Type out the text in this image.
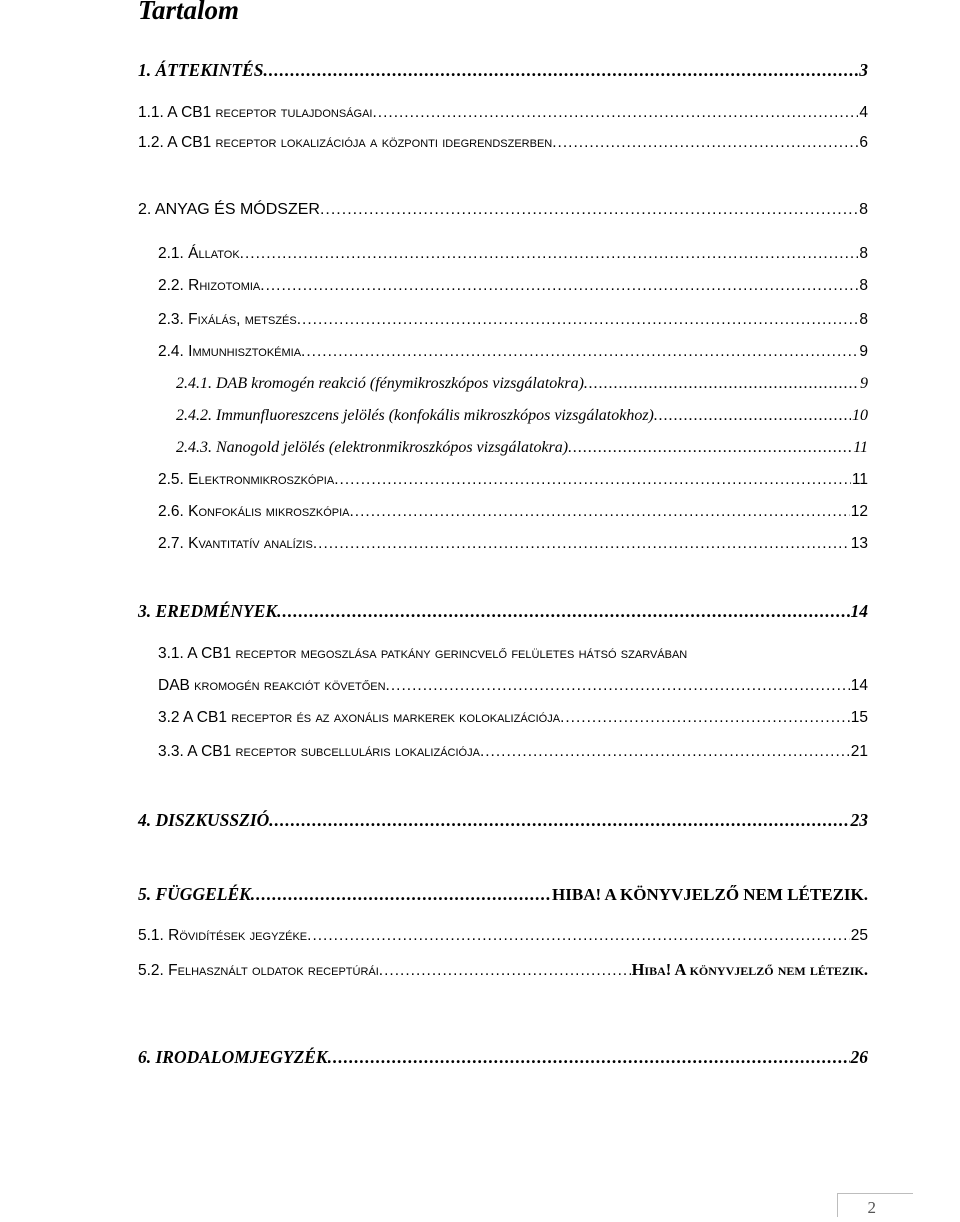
Tartalom
1. ÁTTEKINTÉS .....	3
1.1. A CB1 receptor tulajdonságai .....	4
1.2. A CB1 receptor lokalizációja a központi idegrendszerben .....	6
2. ANYAG ÉS MÓDSZER .....	8
2.1. Állatok .....	8
2.2. Rhizotomia .....	8
2.3. Fixálás, metszés .....	8
2.4. Immunhisztokémia .....	9
2.4.1. DAB kromogén reakció (fénymikroszkópos vizsgálatokra) .....	9
2.4.2. Immunfluoreszcens jelölés (konfokális mikroszkópos vizsgálatokhoz) .....	10
2.4.3. Nanogold jelölés (elektronmikroszkópos vizsgálatokra) .....	11
2.5. Elektronmikroszkópia .....	11
2.6. Konfokális mikroszkópia .....	12
2.7. Kvantitatív analízis .....	13
3. EREDMÉNYEK .....	14
3.1. A CB1 receptor megoszlása patkány gerincvelő felületes hátsó szarvában
DAB kromogén reakciót követően .....	14
3.2 A CB1 receptor és az axonális markerek kolokalizációja .....	15
3.3. A CB1 receptor subcelluláris lokalizációja .....	21
4. DISZKUSSZIÓ .....	23
5. FÜGGELÉK .....	HIBA! A KÖNYVJELZŐ NEM LÉTEZIK.
5.1. Rövidítések jegyzéke .....	25
5.2. Felhasznált oldatok receptúrái .....	Hiba! A könyvjelző nem létezik.
6. IRODALOMJEGYZÉK .....	26
2
